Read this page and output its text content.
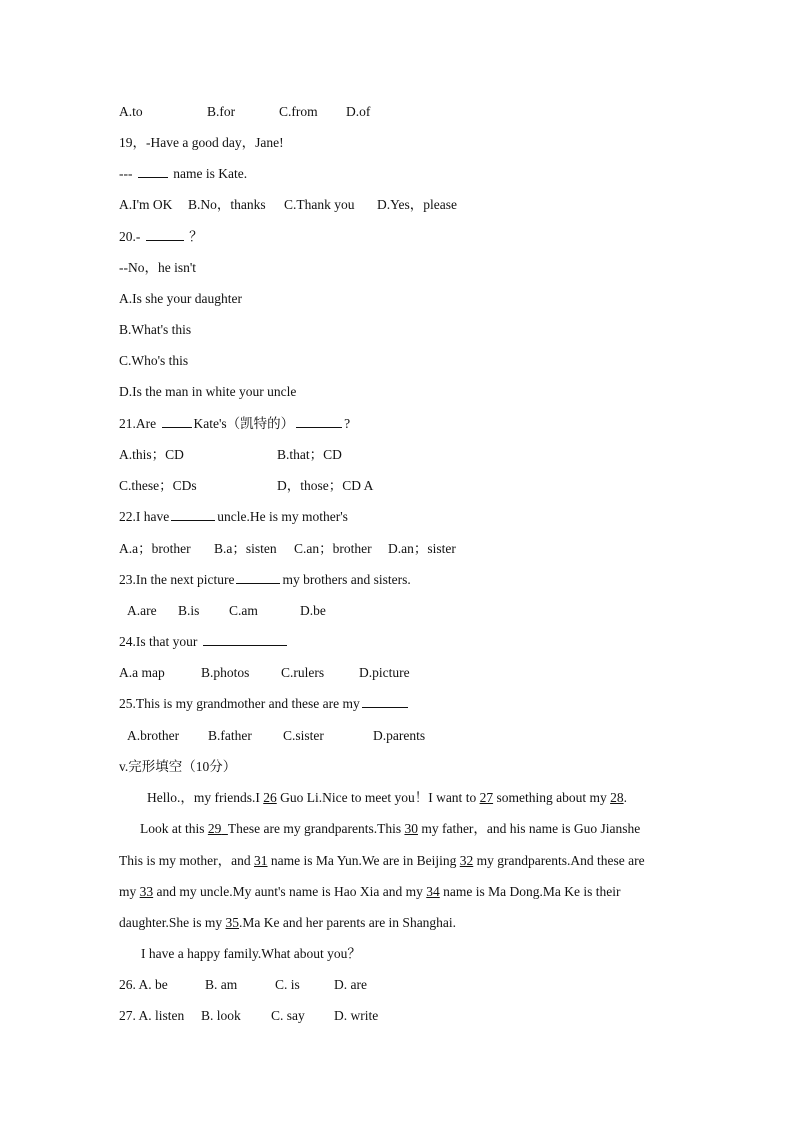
A.to	B.for	C.from D.of
19，-Have a good day，Jane!
---	name is Kate.
A.I'm OK B.No，thanks C.Thank you D.Yes，please
20.-	？
--No，he isn't
A.Is she your daughter
B.What's this
C.Who's this
D.Is the man in white your uncle
21.Are	Kate's（凯特的）	?
A.this；CD	B.that；CD
C.these；CDs	D，those；CD A
22.I have	uncle.He is my mother's
A.a；brother B.a；sisten C.an；brother D.an；sister
23.In the next picture	my brothers and sisters.
A.are B.is C.am	D.be
24.Is that your
A.a map	B.photos C.rulers	D.picture
25.This is my grandmother and these are my
A.brother B.father C.sister	D.parents
v.完形填空（10分）
Hello.，my friends.I 26 Guo Li.Nice to meet you！I want to 27 something about my 28.
Look at this 29 These are my grandparents.This 30 my father，and his name is Guo Jianshe
This is my mother，and 31 name is Ma Yun.We are in Beijing 32 my grandparents.And these are
my 33 and my uncle.My aunt's name is Hao Xia and my 34 name is Ma Dong.Ma Ke is their
daughter.She is my 35.Ma Ke and her parents are in Shanghai.
I have a happy family.What about you？
26. A. be	B. am	C. is	D. are
27. A. listen B. look C. say D. write
